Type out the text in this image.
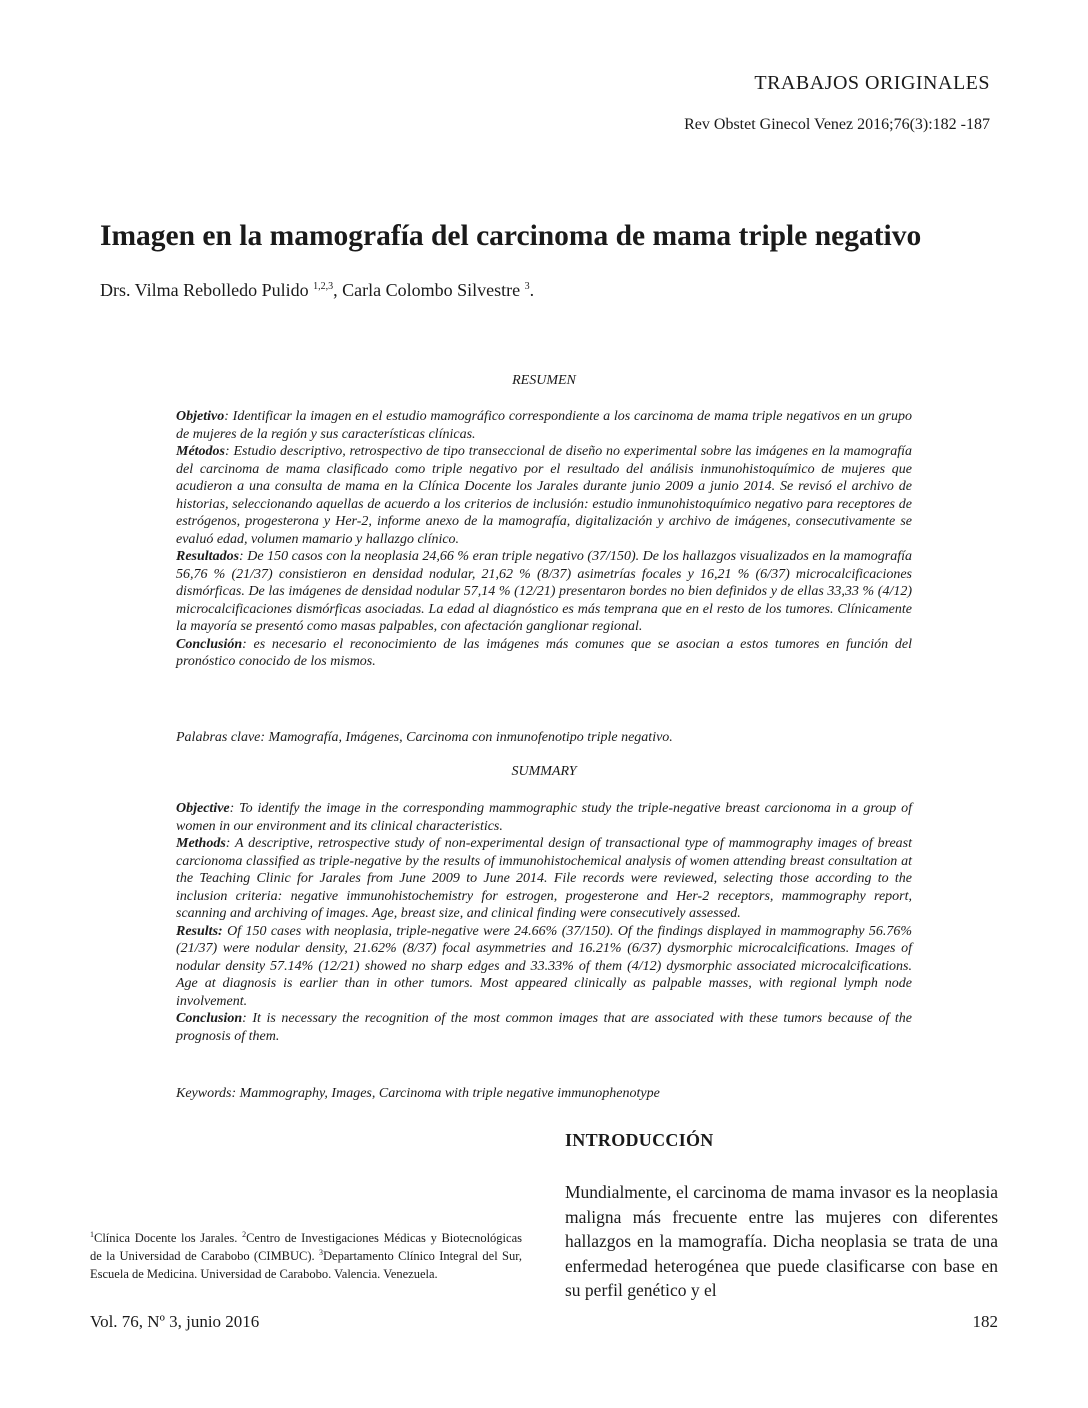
TRABAJOS ORIGINALES
Rev Obstet Ginecol Venez 2016;76(3):182 -187
Imagen en la mamografía del carcinoma de mama triple negativo
Drs. Vilma Rebolledo Pulido $^{1,2,3}$, Carla Colombo Silvestre $^3$.
RESUMEN

Objetivo: Identificar la imagen en el estudio mamográfico correspondiente a los carcinoma de mama triple negativos en un grupo de mujeres de la región y sus características clínicas.

Métodos: Estudio descriptivo, retrospectivo de tipo transeccional de diseño no experimental sobre las imágenes en la mamografía del carcinoma de mama clasificado como triple negativo por el resultado del análisis inmunohistoquímico de mujeres que acudieron a una consulta de mama en la Clínica Docente los Jarales durante junio 2009 a junio 2014. Se revisó el archivo de historias, seleccionando aquellas de acuerdo a los criterios de inclusión: estudio inmunohistoquímico negativo para receptores de estrógenos, progesterona y Her-2, informe anexo de la mamografía, digitalización y archivo de imágenes, consecutivamente se evaluó edad, volumen mamario y hallazgo clínico.

Resultados: De 150 casos con la neoplasia 24,66 % eran triple negativo (37/150). De los hallazgos visualizados en la mamografía 56,76 % (21/37) consistieron en densidad nodular, 21,62 % (8/37) asimetrías focales y 16,21 % (6/37) microcalcificaciones dismórficas. De las imágenes de densidad nodular 57,14 % (12/21) presentaron bordes no bien definidos y de ellas 33,33 % (4/12) microcalcificaciones dismórficas asociadas. La edad al diagnóstico es más temprana que en el resto de los tumores. Clínicamente la mayoría se presentó como masas palpables, con afectación ganglionar regional.

Conclusión: es necesario el reconocimiento de las imágenes más comunes que se asocian a estos tumores en función del pronóstico conocido de los mismos.

Palabras clave: Mamografía, Imágenes, Carcinoma con inmunofenotipo triple negativo.
SUMMARY

Objective: To identify the image in the corresponding mammographic study the triple-negative breast carcionoma in a group of women in our environment and its clinical characteristics.

Methods: A descriptive, retrospective study of non-experimental design of transactional type of mammography images of breast carcionoma classified as triple-negative by the results of immunohistochemical analysis of women attending breast consultation at the Teaching Clinic for Jarales from June 2009 to June 2014. File records were reviewed, selecting those according to the inclusion criteria: negative immunohistochemistry for estrogen, progesterone and Her-2 receptors, mammography report, scanning and archiving of images. Age, breast size, and clinical finding were consecutively assessed.

Results: Of 150 cases with neoplasia, triple-negative were 24.66% (37/150). Of the findings displayed in mammography 56.76% (21/37) were nodular density, 21.62% (8/37) focal asymmetries and 16.21% (6/37) dysmorphic microcalcifications. Images of nodular density 57.14% (12/21) showed no sharp edges and 33.33% of them (4/12) dysmorphic associated microcalcifications. Age at diagnosis is earlier than in other tumors. Most appeared clinically as palpable masses, with regional lymph node involvement.

Conclusion: It is necessary the recognition of the most common images that are associated with these tumors because of the prognosis of them.

Keywords: Mammography, Images, Carcinoma with triple negative immunophenotype
INTRODUCCIÓN

Mundialmente, el carcinoma de mama invasor es la neoplasia maligna más frecuente entre las mujeres con diferentes hallazgos en la mamografía. Dicha neoplasia se trata de una enfermedad heterogénea que puede clasificarse con base en su perfil genético y el

$^1$Clínica Docente los Jarales. $^2$Centro de Investigaciones Médicas y Biotecnológicas de la Universidad de Carabobo (CIMBUC). $^3$Departamento Clínico Integral del Sur, Escuela de Medicina. Universidad de Carabobo. Valencia. Venezuela.
Vol. 76, Nº 3, junio 2016	182
